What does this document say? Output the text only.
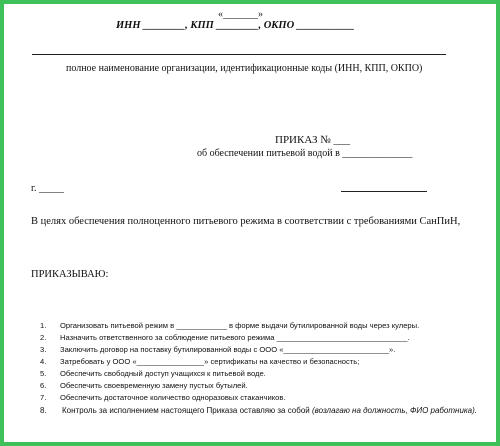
«_______»
ИНН ________, КПП ________, ОКПО ___________
полное наименование организации, идентификационные коды (ИНН, КПП, ОКПО)
ПРИКАЗ № ___
об обеспечении питьевой водой в ______________
г. _____
В целях обеспечения полноценного питьевого режима в соответствии с требованиями СанПиН,
ПРИКАЗЫВАЮ:
1.	Организовать питьевой режим в ____________ в форме выдачи бутилированной воды через кулеры.
2.	Назначить ответственного за соблюдение питьевого режима _______________________________.
3.	Заключить договор на поставку бутилированной воды с ООО «_________________________».
4.	Затребовать у ООО «________________» сертификаты на качество и безопасность;
5.	Обеспечить свободный доступ учащихся к питьевой воде.
6.	Обеспечить своевременную замену пустых бутылей.
7.	Обеспечить достаточное количество одноразовых стаканчиков.
8.	Контроль за исполнением настоящего Приказа оставляю за собой (возлагаю на должность, ФИО работника).
